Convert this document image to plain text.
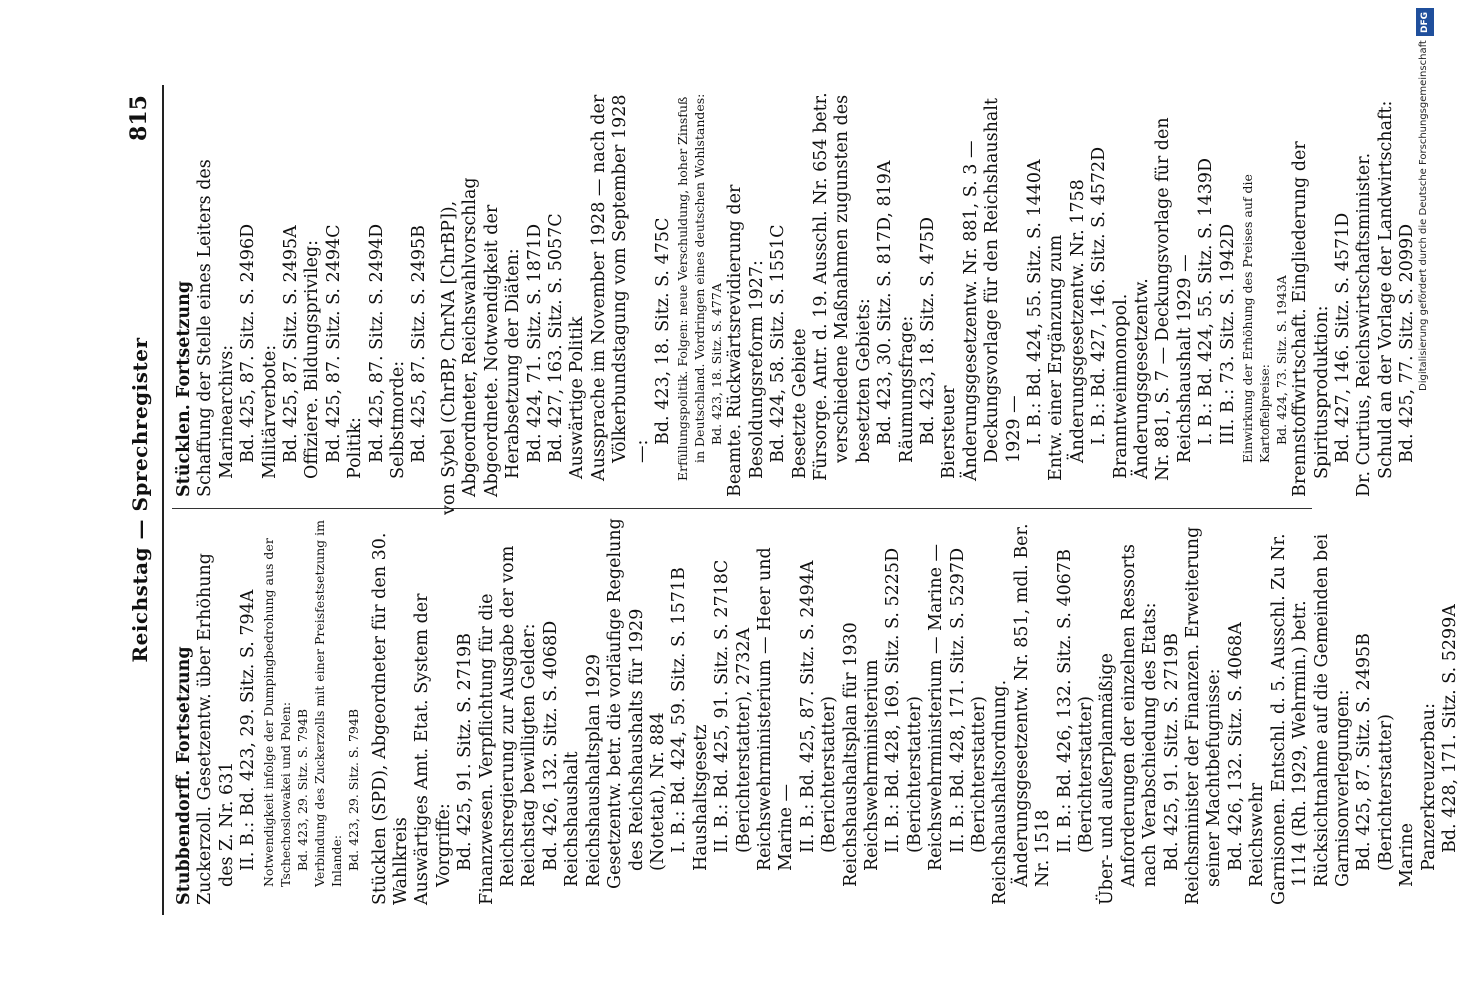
Reichstag — Sprechregister
815

Stubbendorff. Fortsetzung Zuckerzoll. Gesetzentw. über Erhöhung des Z. Nr. 631 II. B.: Bd. 423, 29. Sitz. S. 794A Notwendigkeit infolge der Dumpingbedrohung aus der Tschechoslowakei und Polen: Bd. 423, 29. Sitz. S. 794B Verbindung des Zuckerzolls mit einer Preisfestsetzung im Inlande: Bd. 423, 29. Sitz. S. 794B Stücklen (SPD), Abgeordneter für den 30. Wahlkreis Auswärtiges Amt. Etat. System der Vorgriffe: Bd. 425, 91. Sitz. S. 2719B Finanzwesen. Verpflichtung für die Reichsregierung zur Ausgabe der vom Reichstag bewilligten Gelder: Bd. 426, 132. Sitz. S. 4068D Reichshaushalt Reichshaushaltsplan 1929 Gesetzentw. betr. die vorläufige Regelung des Reichshaushalts für 1929 (Notetat), Nr. 884 I. B.: Bd. 424, 59. Sitz. S. 1571B Haushaltsgesetz II. B.: Bd. 425, 91. Sitz. S. 2718C (Berichterstatter), 2732A Reichswehrministerium — Heer und Marine — II. B.: Bd. 425, 87. Sitz. S. 2494A (Berichterstatter) Reichshaushaltsplan für 1930 Reichswehrministerium II. B.: Bd. 428, 169. Sitz. S. 5225D (Berichterstatter) Reichswehrministerium — Marine — II. B.: Bd. 428, 171. Sitz. S. 5297D (Berichterstatter) Reichshaushaltsordnung. Änderungsgesetzentw. Nr. 851, mdl. Ber. Nr. 1518 II. B.: Bd. 426, 132. Sitz. S. 4067B (Berichterstatter) Über- und außerplanmäßige Anforderungen der einzelnen Ressorts nach Verabschiedung des Etats: Bd. 425, 91. Sitz. S. 2719B Reichsminister der Finanzen. Erweiterung seiner Machtbefugnisse: Bd. 426, 132. Sitz. S. 4068A Reichswehr Garnisonen. Entschl. d. 5. Ausschl. Zu Nr. 1114 (Rh. 1929, Wehrmin.) betr. Rücksichtnahme auf die Gemeinden bei Garnisonverlegungen: Bd. 425, 87. Sitz. S. 2495B (Berichterstatter) Marine Panzerkreuzerbau: Bd. 428, 171. Sitz. S. 5299A

Stücklen. Fortsetzung Schaffung der Stelle eines Leiters des Marinearchivs: Bd. 425, 87. Sitz. S. 2496D Militärverbote: Bd. 425, 87. Sitz. S. 2495A Offiziere. Bildungsprivileg: Bd. 425, 87. Sitz. S. 2494C Politik: Bd. 425, 87. Sitz. S. 2494D Selbstmorde: Bd. 425, 87. Sitz. S. 2495B von Sybel (ChrBP, ChrNA [ChrBP]), Abgeordneter, Reichswahlvorschlag Abgeordnete. Notwendigkeit der Herabsetzung der Diäten: Bd. 424, 71. Sitz. S. 1871D Bd. 427, 163. Sitz. S. 5057C Auswärtige Politik Aussprache im November 1928 — nach der Völkerbundstagung vom September 1928 —:

Bd. 423, 18. Sitz. S. 475C Erfüllungspolitik. Folgen: neue Verschuldung, hoher Zinsfuß in Deutschland. Vordringen eines deutschen Wohlstandes: Bd. 423, 18. Sitz. S. 477A Beamte. Rückwärtsrevidierung der Besoldungsreform 1927: Bd. 424, 58. Sitz. S. 1551C Besetzte Gebiete Fürsorge. Antr. d. 19. Ausschl. Nr. 654 betr. verschiedene Maßnahmen zugunsten des besetzten Gebiets: Bd. 423, 30. Sitz. S. 817D, 819A Räumungsfrage: Bd. 423, 18. Sitz. S. 475D Biersteuer Änderungsgesetzentw. Nr. 881, S. 3 — Deckungsvorlage für den Reichshaushalt 1929 — I. B.: Bd. 424, 55. Sitz. S. 1440A Entw. einer Ergänzung zum Änderungsgesetzentw. Nr. 1758 I. B.: Bd. 427, 146. Sitz. S. 4572D Branntweinmonopol. Änderungsgesetzentw. Nr. 881, S. 7 — Deckungsvorlage für den Reichshaushalt 1929 — I. B.: Bd. 424, 55. Sitz. S. 1439D III. B.: 73. Sitz. S. 1942D Einwirkung der Erhöhung des Preises auf die Kartoffelpreise: Bd. 424, 73. Sitz. S. 1943A Brennstoffwirtschaft. Eingliederung der Spiritusproduktion: Bd. 427, 146. Sitz. S. 4571D Dr. Curtius, Reichswirtschaftsminister. Schuld an der Vorlage der Landwirtschaft: Bd. 425, 77. Sitz. S. 2099D

DFG
Digitalisierung gefördert durch die Deutsche Forschungsgemeinschaft
